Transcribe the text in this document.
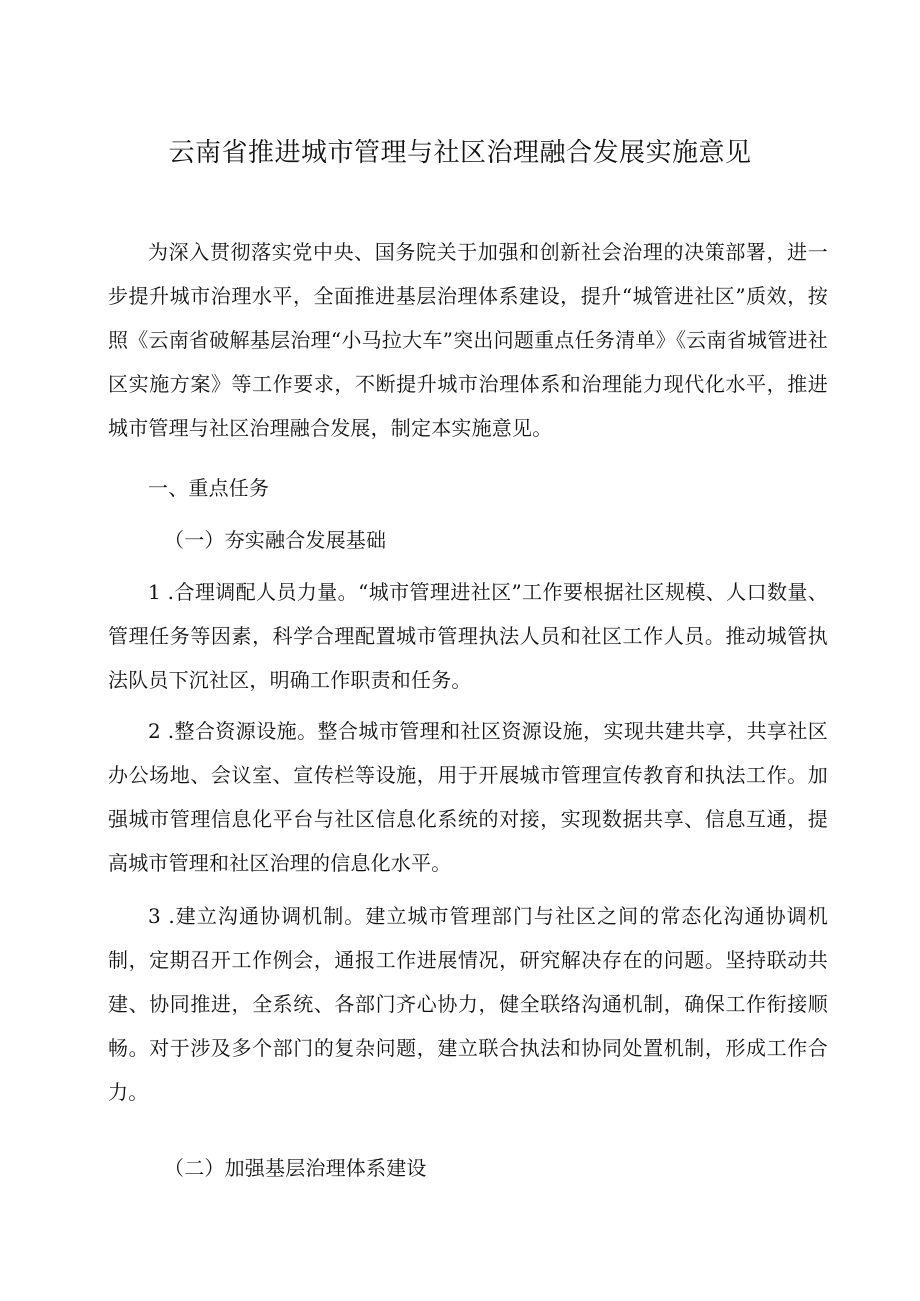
云南省推进城市管理与社区治理融合发展实施意见

为深入贯彻落实党中央、国务院关于加强和创新社会治理的决策部署，进一步提升城市治理水平，全面推进基层治理体系建设，提升“城管进社区”质效，按照《云南省破解基层治理“小马拉大车”突出问题重点任务清单》《云南省城管进社区实施方案》等工作要求，不断提升城市治理体系和治理能力现代化水平，推进城市管理与社区治理融合发展，制定本实施意见。

一、重点任务
（一）夯实融合发展基础

1 .合理调配人员力量。“城市管理进社区”工作要根据社区规模、人口数量、管理任务等因素，科学合理配置城市管理执法人员和社区工作人员。推动城管执法队员下沉社区，明确工作职责和任务。

2 .整合资源设施。整合城市管理和社区资源设施，实现共建共享，共享社区办公场地、会议室、宣传栏等设施，用于开展城市管理宣传教育和执法工作。加强城市管理信息化平台与社区信息化系统的对接，实现数据共享、信息互通，提高城市管理和社区治理的信息化水平。

3 .建立沟通协调机制。建立城市管理部门与社区之间的常态化沟通协调机制，定期召开工作例会，通报工作进展情况，研究解决存在的问题。坚持联动共建、协同推进，全系统、各部门齐心协力，健全联络沟通机制，确保工作衔接顺畅。对于涉及多个部门的复杂问题，建立联合执法和协同处置机制，形成工作合力。

（二）加强基层治理体系建设
